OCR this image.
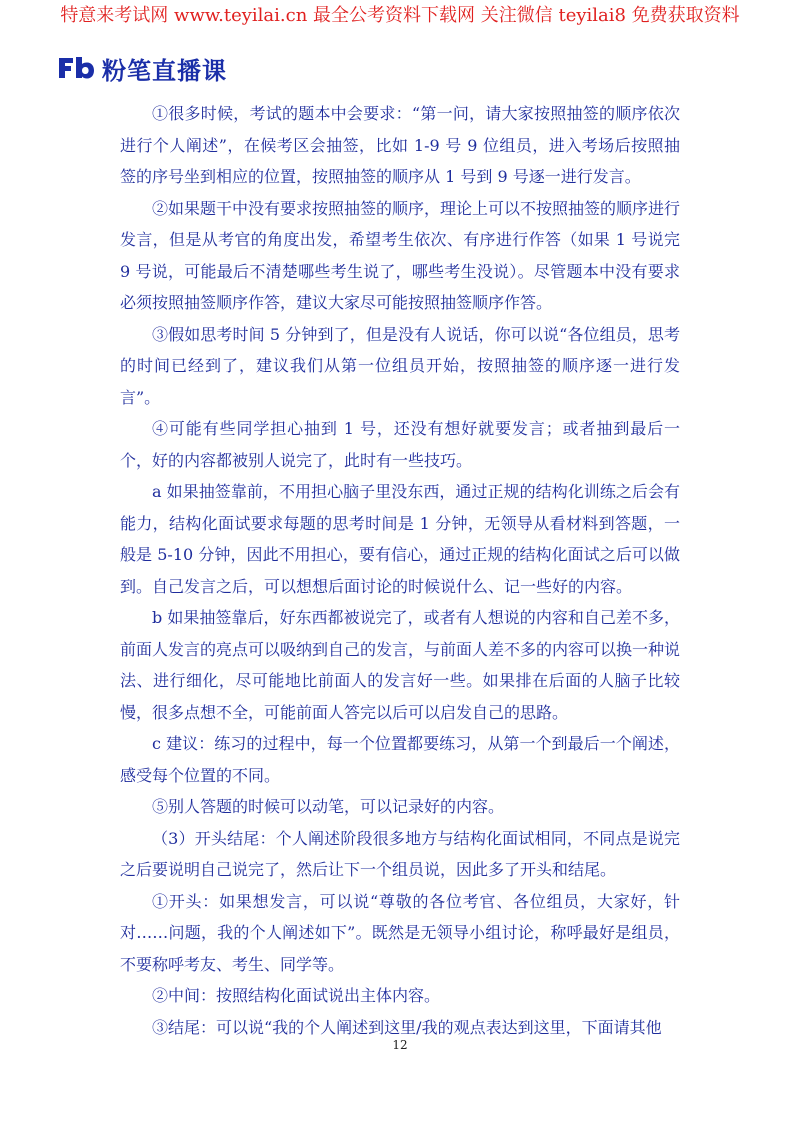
特意来考试网 www.teyilai.cn 最全公考资料下载网 关注微信 teyilai8 免费获取资料
粉笔直播课

①很多时候，考试的题本中会要求：“第一问，请大家按照抽签的顺序依次进行个人阐述”，在候考区会抽签，比如 1-9 号 9 位组员，进入考场后按照抽签的序号坐到相应的位置，按照抽签的顺序从 1 号到 9 号逐一进行发言。

②如果题干中没有要求按照抽签的顺序，理论上可以不按照抽签的顺序进行发言，但是从考官的角度出发，希望考生依次、有序进行作答（如果 1 号说完 9 号说，可能最后不清楚哪些考生说了，哪些考生没说）。尽管题本中没有要求必须按照抽签顺序作答，建议大家尽可能按照抽签顺序作答。

③假如思考时间 5 分钟到了，但是没有人说话，你可以说“各位组员，思考的时间已经到了，建议我们从第一位组员开始，按照抽签的顺序逐一进行发言”。

④可能有些同学担心抽到 1 号，还没有想好就要发言；或者抽到最后一个，好的内容都被别人说完了，此时有一些技巧。

a 如果抽签靠前，不用担心脑子里没东西，通过正规的结构化训练之后会有能力，结构化面试要求每题的思考时间是 1 分钟，无领导从看材料到答题，一般是 5-10 分钟，因此不用担心，要有信心，通过正规的结构化面试之后可以做到。自己发言之后，可以想想后面讨论的时候说什么、记一些好的内容。

b 如果抽签靠后，好东西都被说完了，或者有人想说的内容和自己差不多，前面人发言的亮点可以吸纳到自己的发言，与前面人差不多的内容可以换一种说法、进行细化，尽可能地比前面人的发言好一些。如果排在后面的人脑子比较慢，很多点想不全，可能前面人答完以后可以启发自己的思路。

c 建议：练习的过程中，每一个位置都要练习，从第一个到最后一个阐述，感受每个位置的不同。

⑤别人答题的时候可以动笔，可以记录好的内容。

（3）开头结尾：个人阐述阶段很多地方与结构化面试相同，不同点是说完之后要说明自己说完了，然后让下一个组员说，因此多了开头和结尾。

①开头：如果想发言，可以说“尊敬的各位考官、各位组员，大家好，针对……问题，我的个人阐述如下”。既然是无领导小组讨论，称呼最好是组员，不要称呼考友、考生、同学等。

②中间：按照结构化面试说出主体内容。

③结尾：可以说“我的个人阐述到这里/我的观点表达到这里，下面请其他

12
